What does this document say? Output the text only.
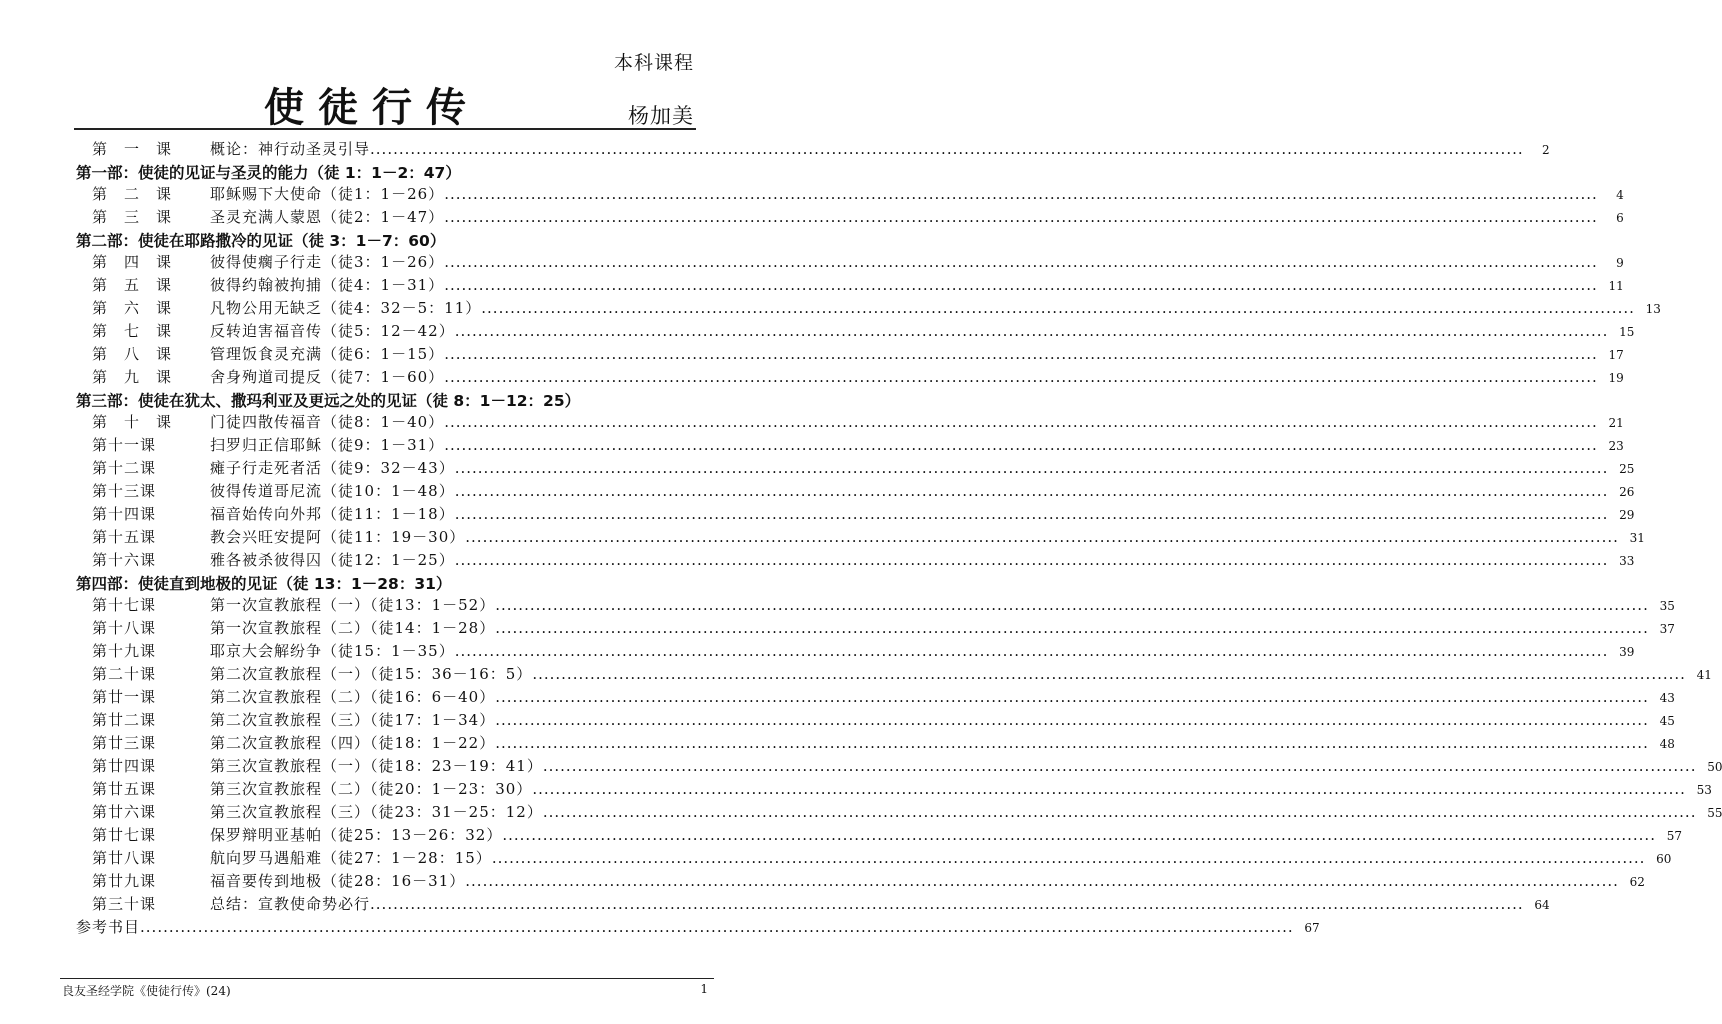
本科课程
使徒行传	杨加美
第　一　课	概论：神行动圣灵引导........................................................................................................................................................................................................	2
第一部：使徒的见证与圣灵的能力（徒 1：1－2：47）
第　二　课	耶稣赐下大使命（徒1：1－26）........................................................................................................................................................................................................	4
第　三　课	圣灵充满人蒙恩（徒2：1－47）........................................................................................................................................................................................................	6
第二部：使徒在耶路撒冷的见证（徒 3：1－7：60）
第　四　课	彼得使瘸子行走（徒3：1－26）........................................................................................................................................................................................................	9
第　五　课	彼得约翰被拘捕（徒4：1－31）........................................................................................................................................................................................................ 11
第　六　课	凡物公用无缺乏（徒4：32－5：11）........................................................................................................................................................................................................ 13
第　七　课	反转迫害福音传（徒5：12－42）........................................................................................................................................................................................................ 15
第　八　课	管理饭食灵充满（徒6：1－15）........................................................................................................................................................................................................ 17
第　九　课	舍身殉道司提反（徒7：1－60）........................................................................................................................................................................................................ 19
第三部：使徒在犹太、撒玛利亚及更远之处的见证（徒 8：1－12：25）
第　十　课	门徒四散传福音（徒8：1－40）........................................................................................................................................................................................................ 21
第十一课	扫罗归正信耶稣（徒9：1－31）........................................................................................................................................................................................................ 23
第十二课	瘫子行走死者活（徒9：32－43）........................................................................................................................................................................................................ 25
第十三课	彼得传道哥尼流（徒10：1－48）........................................................................................................................................................................................................ 26
第十四课	福音始传向外邦（徒11：1－18）........................................................................................................................................................................................................ 29
第十五课	教会兴旺安提阿（徒11：19－30）........................................................................................................................................................................................................ 31
第十六课	雅各被杀彼得囚（徒12：1－25）........................................................................................................................................................................................................ 33
第四部：使徒直到地极的见证（徒 13：1－28：31）
第十七课	第一次宣教旅程（一）（徒13：1－52）........................................................................................................................................................................................................ 35
第十八课	第一次宣教旅程（二）（徒14：1－28）........................................................................................................................................................................................................ 37
第十九课	耶京大会解纷争（徒15：1－35）........................................................................................................................................................................................................ 39
第二十课	第二次宣教旅程（一）（徒15：36－16：5）........................................................................................................................................................................................................ 41
第廿一课	第二次宣教旅程（二）（徒16：6－40）........................................................................................................................................................................................................ 43
第廿二课	第二次宣教旅程（三）（徒17：1－34）........................................................................................................................................................................................................ 45
第廿三课	第二次宣教旅程（四）（徒18：1－22）........................................................................................................................................................................................................ 48
第廿四课	第三次宣教旅程（一）（徒18：23－19：41）........................................................................................................................................................................................................ 50
第廿五课	第三次宣教旅程（二）（徒20：1－23：30）........................................................................................................................................................................................................ 53
第廿六课	第三次宣教旅程（三）（徒23：31－25：12）........................................................................................................................................................................................................ 55
第廿七课	保罗辩明亚基帕（徒25：13－26：32）........................................................................................................................................................................................................ 57
第廿八课	航向罗马遇船难（徒27：1－28：15）........................................................................................................................................................................................................ 60
第廿九课	福音要传到地极（徒28：16－31）........................................................................................................................................................................................................ 62
第三十课	总结：宣教使命势必行........................................................................................................................................................................................................ 64
参考书目........................................................................................................................................................................................................ 67
良友圣经学院《使徒行传》(24)	1
